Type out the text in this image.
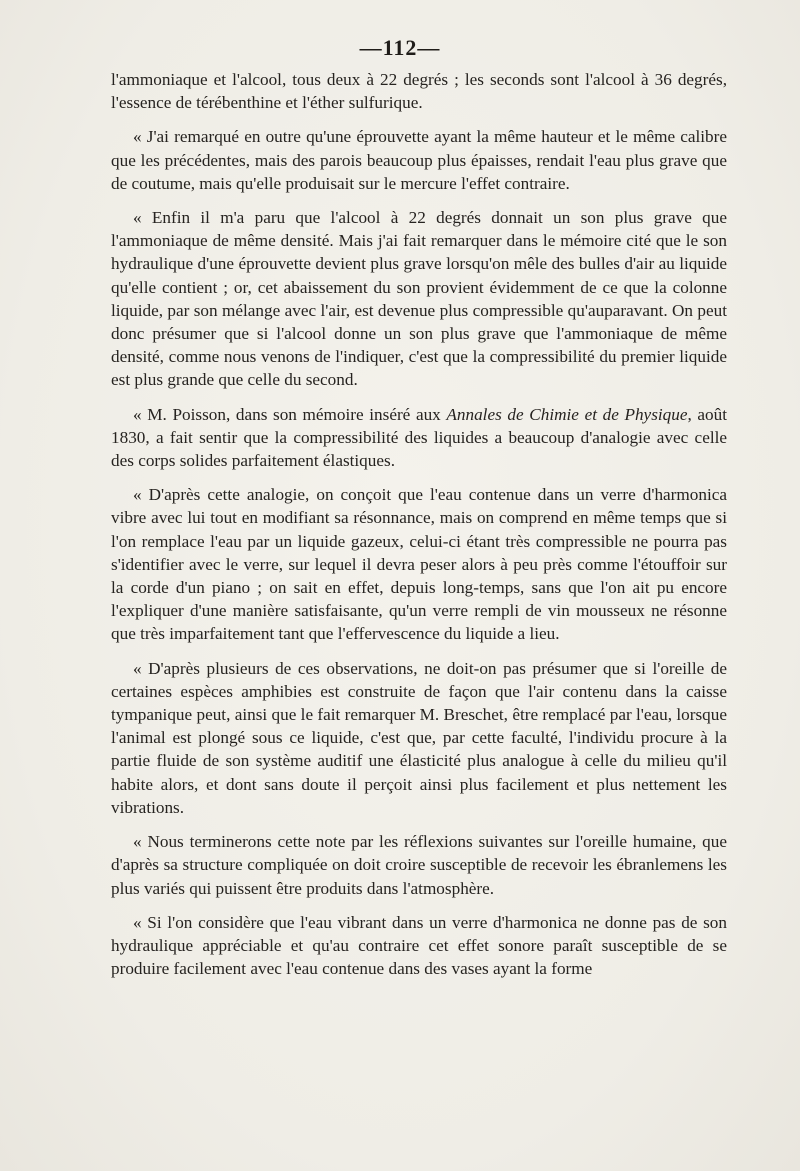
—112—

l'ammoniaque et l'alcool, tous deux à 22 degrés ; les seconds sont l'alcool à 36 degrés, l'essence de térébenthine et l'éther sulfurique.

« J'ai remarqué en outre qu'une éprouvette ayant la même hauteur et le même calibre que les précédentes, mais des parois beaucoup plus épaisses, rendait l'eau plus grave que de coutume, mais qu'elle produisait sur le mercure l'effet contraire.

« Enfin il m'a paru que l'alcool à 22 degrés donnait un son plus grave que l'ammoniaque de même densité. Mais j'ai fait remarquer dans le mémoire cité que le son hydraulique d'une éprouvette devient plus grave lorsqu'on mêle des bulles d'air au liquide qu'elle contient ; or, cet abaissement du son provient évidemment de ce que la colonne liquide, par son mélange avec l'air, est devenue plus compressible qu'auparavant. On peut donc présumer que si l'alcool donne un son plus grave que l'ammoniaque de même densité, comme nous venons de l'indiquer, c'est que la compressibilité du premier liquide est plus grande que celle du second.

« M. Poisson, dans son mémoire inséré aux Annales de Chimie et de Physique, août 1830, a fait sentir que la compressibilité des liquides a beaucoup d'analogie avec celle des corps solides parfaitement élastiques.

« D'après cette analogie, on conçoit que l'eau contenue dans un verre d'harmonica vibre avec lui tout en modifiant sa résonnance, mais on comprend en même temps que si l'on remplace l'eau par un liquide gazeux, celui-ci étant très compressible ne pourra pas s'identifier avec le verre, sur lequel il devra peser alors à peu près comme l'étouffoir sur la corde d'un piano ; on sait en effet, depuis long-temps, sans que l'on ait pu encore l'expliquer d'une manière satisfaisante, qu'un verre rempli de vin mousseux ne résonne que très imparfaitement tant que l'effervescence du liquide a lieu.

« D'après plusieurs de ces observations, ne doit-on pas présumer que si l'oreille de certaines espèces amphibies est construite de façon que l'air contenu dans la caisse tympanique peut, ainsi que le fait remarquer M. Breschet, être remplacé par l'eau, lorsque l'animal est plongé sous ce liquide, c'est que, par cette faculté, l'individu procure à la partie fluide de son système auditif une élasticité plus analogue à celle du milieu qu'il habite alors, et dont sans doute il perçoit ainsi plus facilement et plus nettement les vibrations.

« Nous terminerons cette note par les réflexions suivantes sur l'oreille humaine, que d'après sa structure compliquée on doit croire susceptible de recevoir les ébranlemens les plus variés qui puissent être produits dans l'atmosphère.

« Si l'on considère que l'eau vibrant dans un verre d'harmonica ne donne pas de son hydraulique appréciable et qu'au contraire cet effet sonore paraît susceptible de se produire facilement avec l'eau contenue dans des vases ayant la forme
